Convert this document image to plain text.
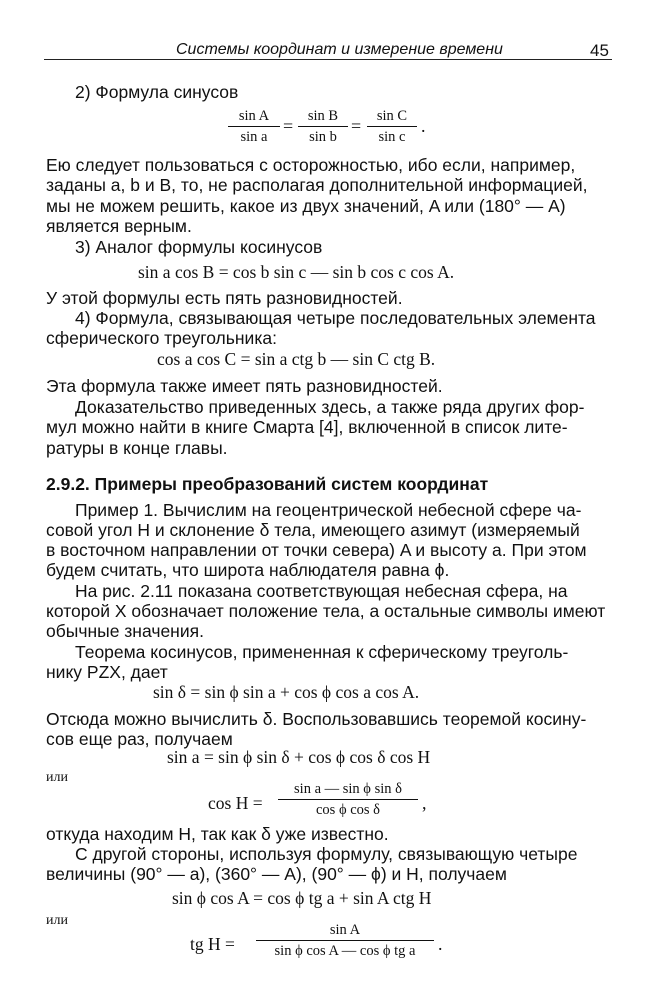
Системы координат и измерение времени	45
2) Формула синусов
sin A
sin a
=	sin B
sin b
=	sin C
sin c
.
Ею следует пользоваться с осторожностью, ибо если, например,
заданы a, b и B, то, не располагая дополнительной информацией,
мы не можем решить, какое из двух значений, A или (180° — A)
является верным.
3) Аналог формулы косинусов
sin a cos B = cos b sin c — sin b cos c cos A.
У этой формулы есть пять разновидностей.
4) Формула, связывающая четыре последовательных элемента
сферического треугольника:
cos a cos C = sin a ctg b — sin C ctg B.
Эта формула также имеет пять разновидностей.
Доказательство приведенных здесь, а также ряда других фор-
мул можно найти в книге Смарта [4], включенной в список лите-
ратуры в конце главы.
2.9.2. Примеры преобразований систем координат
Пример 1. Вычислим на геоцентрической небесной сфере ча-
совой угол H и склонение δ тела, имеющего азимут (измеряемый
в восточном направлении от точки севера) A и высоту a. При этом
будем считать, что широта наблюдателя равна ϕ.
На рис. 2.11 показана соответствующая небесная сфера, на
которой X обозначает положение тела, а остальные символы имеют
обычные значения.
Теорема косинусов, примененная к сферическому треуголь-
нику PZX, дает
sin δ = sin ϕ sin a + cos ϕ cos a cos A.
Отсюда можно вычислить δ. Воспользовавшись теоремой косину-
сов еще раз, получаем
sin a = sin ϕ sin δ + cos ϕ cos δ cos H
или
cos H =
sin a — sin ϕ sin δ
cos ϕ cos δ	,
откуда находим H, так как δ уже известно.
С другой стороны, используя формулу, связывающую четыре
величины (90° — a), (360° — A), (90° — ϕ) и H, получаем
sin ϕ cos A = cos ϕ tg a + sin A ctg H
или
tg H =
sin A
sin ϕ cos A — cos ϕ tg a	.
